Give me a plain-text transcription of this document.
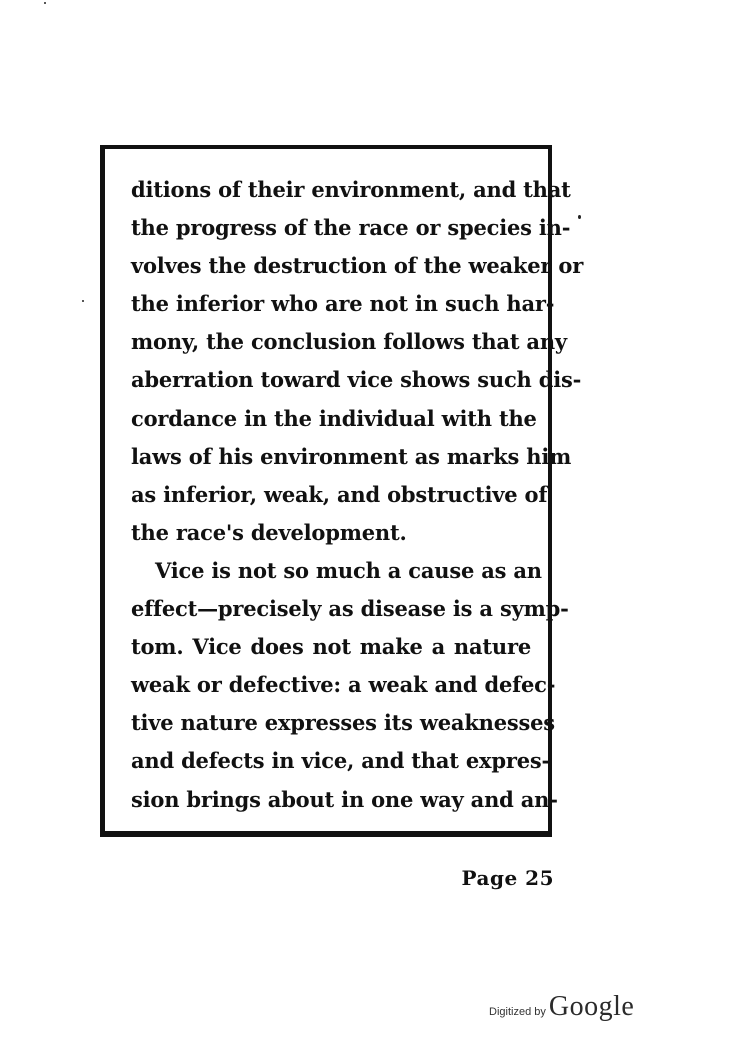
ditions of their environment, and that
the progress of the race or species in-
volves the destruction of the weaker or
the inferior who are not in such har-
mony, the conclusion follows that any
aberration toward vice shows such dis-
cordance in the individual with the
laws of his environment as marks him
as inferior, weak, and obstructive of
the race's development.
Vice is not so much a cause as an
effect—precisely as disease is a symp-
tom. Vice does not make a nature
weak or defective: a weak and defec-
tive nature expresses its weaknesses
and defects in vice, and that expres-
sion brings about in one way and an-
Page 25
Digitized by Google
